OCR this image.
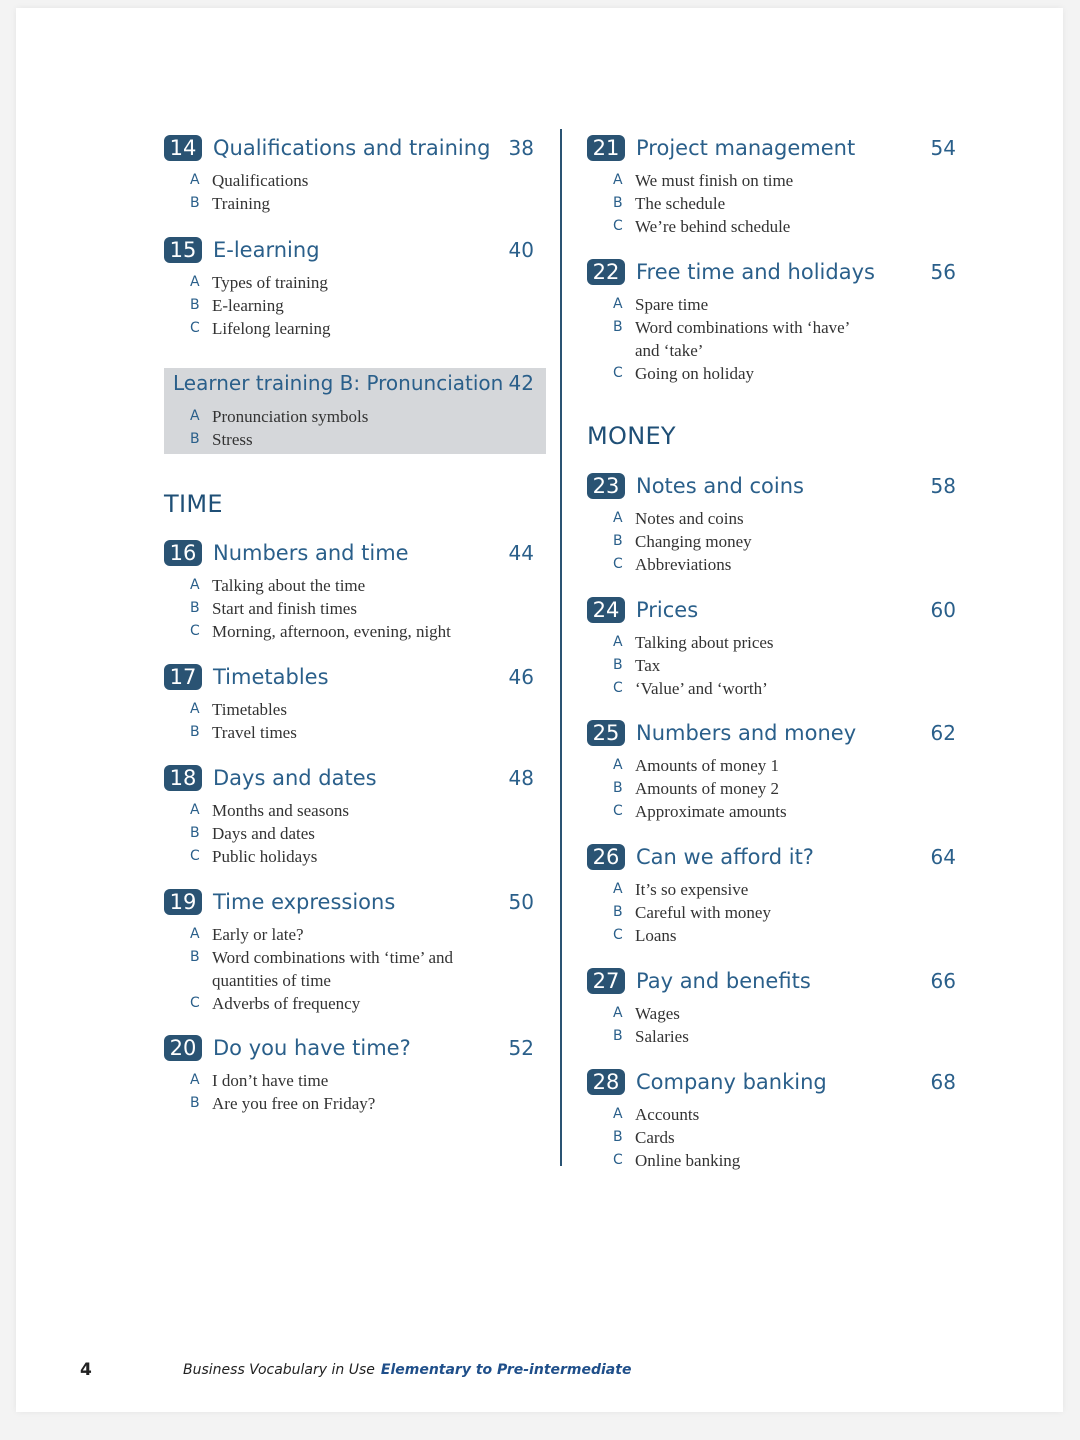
14 Qualifications and training 38
A Qualifications
B Training
15 E-learning	40
A Types of training
B E-learning
C Lifelong learning
16 Numbers and time	44
A Talking about the time
B Start and finish times
C Morning, afternoon, evening, night
17 Timetables	46
A Timetables
B Travel times
18 Days and dates	48
A Months and seasons
B Days and dates
C Public holidays
19 Time expressions	50
A Early or late?
B Word combinations with ‘time’ and
quantities of time
C Adverbs of frequency
20 Do you have time?	52
A I don’t have time
B Are you free on Friday?
21 Project management	54
A We must finish on time
B The schedule
C We’re behind schedule
22 Free time and holidays	56
A Spare time
B Word combinations with ‘have’
and ‘take’
C Going on holiday
23 Notes and coins	58
A Notes and coins
B Changing money
C Abbreviations
24 Prices	60
A Talking about prices
B Tax
C ‘Value’ and ‘worth’
25 Numbers and money	62
A Amounts of money 1
B Amounts of money 2
C Approximate amounts
26 Can we afford it?	64
A It’s so expensive
B Careful with money
C Loans
27 Pay and benefits	66
A Wages
B Salaries
28 Company banking	68
A Accounts
B Cards
C Online banking
Learner training B: Pronunciation 42
A Pronunciation symbols
B Stress
TIME
MONEY
4	Business Vocabulary in Use Elementary to Pre-intermediate
